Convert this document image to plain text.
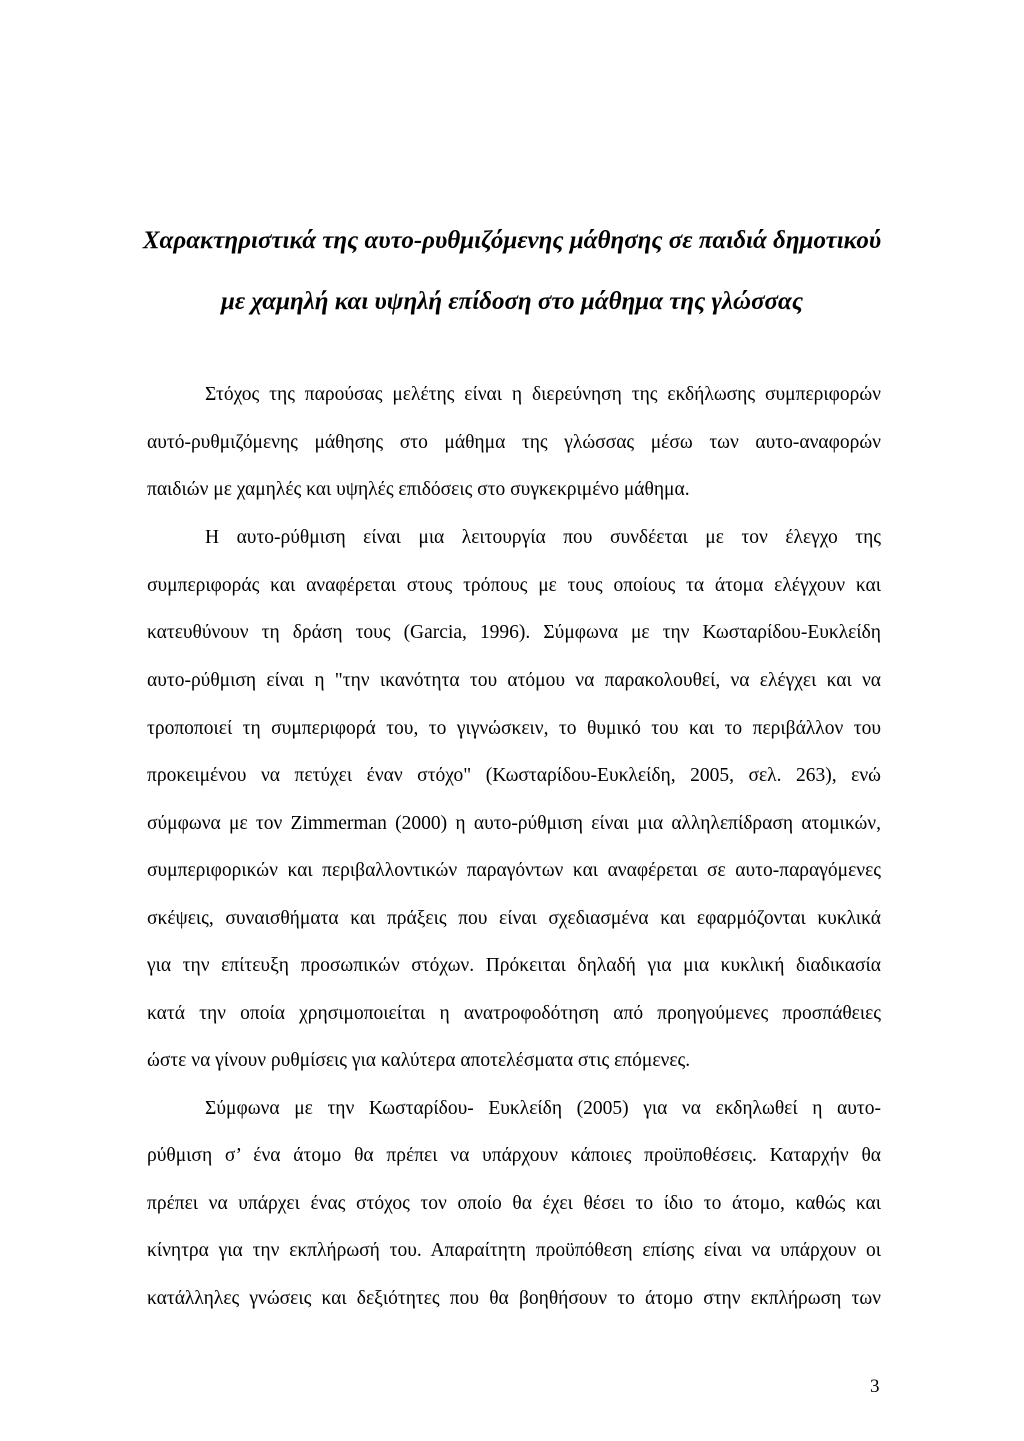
Χαρακτηριστικά της αυτο-ρυθμιζόμενης μάθησης σε παιδιά δημοτικού
με χαμηλή και υψηλή επίδοση στο μάθημα της γλώσσας
Στόχος της παρούσας μελέτης είναι η διερεύνηση της εκδήλωσης συμπεριφορών
αυτό-ρυθμιζόμενης μάθησης στο μάθημα της γλώσσας μέσω των αυτο-αναφορών
παιδιών με χαμηλές και υψηλές επιδόσεις στο συγκεκριμένο μάθημα.
Η αυτο-ρύθμιση είναι μια λειτουργία που συνδέεται με τον έλεγχο της
συμπεριφοράς και αναφέρεται στους τρόπους με τους οποίους τα άτομα ελέγχουν και
κατευθύνουν τη δράση τους (Garcia, 1996). Σύμφωνα με την Κωσταρίδου-Ευκλείδη
αυτο-ρύθμιση είναι η "την ικανότητα του ατόμου να παρακολουθεί, να ελέγχει και να
τροποποιεί τη συμπεριφορά του, το γιγνώσκειν, το θυμικό του και το περιβάλλον του
προκειμένου να πετύχει έναν στόχο" (Κωσταρίδου-Ευκλείδη, 2005, σελ. 263), ενώ
σύμφωνα με τον Zimmerman (2000) η αυτο-ρύθμιση είναι μια αλληλεπίδραση ατομικών,
συμπεριφορικών και περιβαλλοντικών παραγόντων και αναφέρεται σε αυτο-παραγόμενες
σκέψεις, συναισθήματα και πράξεις που είναι σχεδιασμένα και εφαρμόζονται κυκλικά
για την επίτευξη προσωπικών στόχων. Πρόκειται δηλαδή για μια κυκλική διαδικασία
κατά την οποία χρησιμοποιείται η ανατροφοδότηση από προηγούμενες προσπάθειες
ώστε να γίνουν ρυθμίσεις για καλύτερα αποτελέσματα στις επόμενες.
Σύμφωνα με την Κωσταρίδου- Ευκλείδη (2005) για να εκδηλωθεί η αυτο-
ρύθμιση σ’ ένα άτομο θα πρέπει να υπάρχουν κάποιες προϋποθέσεις. Καταρχήν θα
πρέπει να υπάρχει ένας στόχος τον οποίο θα έχει θέσει το ίδιο το άτομο, καθώς και
κίνητρα για την εκπλήρωσή του. Απαραίτητη προϋπόθεση επίσης είναι να υπάρχουν οι
κατάλληλες γνώσεις και δεξιότητες που θα βοηθήσουν το άτομο στην εκπλήρωση των
3
